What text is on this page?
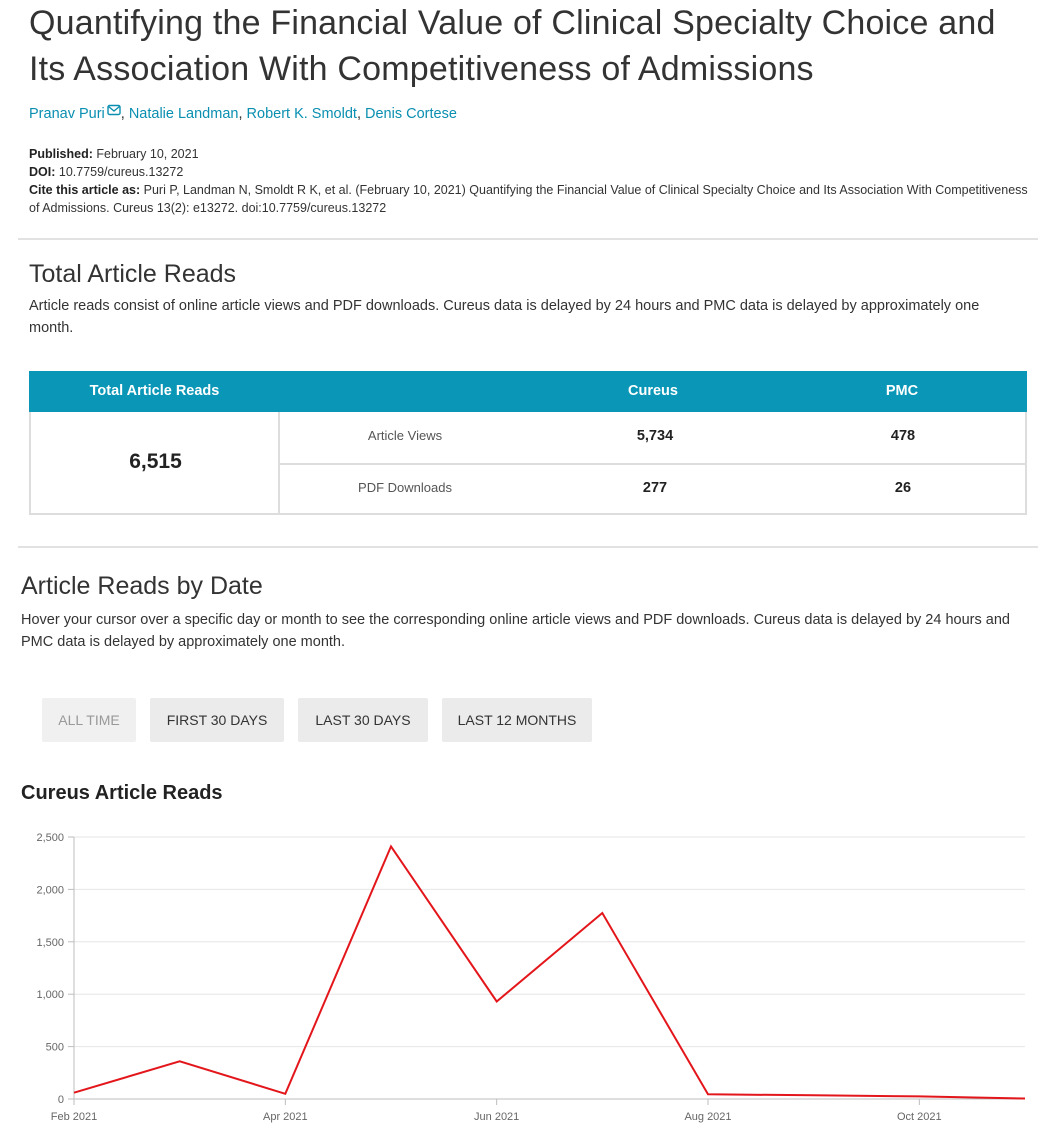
Quantifying the Financial Value of Clinical Specialty Choice and Its Association With Competitiveness of Admissions
Pranav Puri , Natalie Landman, Robert K. Smoldt, Denis Cortese
Published: February 10, 2021
DOI: 10.7759/cureus.13272
Cite this article as: Puri P, Landman N, Smoldt R K, et al. (February 10, 2021) Quantifying the Financial Value of Clinical Specialty Choice and Its Association With Competitiveness of Admissions. Cureus 13(2): e13272. doi:10.7759/cureus.13272
Total Article Reads

Article reads consist of online article views and PDF downloads. Cureus data is delayed by 24 hours and PMC data is delayed by approximately one month.

Total Article Reads	Cureus	PMC
6,515
Article Views	5,734	478
PDF Downloads	277	26
Article Reads by Date

Hover your cursor over a specific day or month to see the corresponding online article views and PDF downloads. Cureus data is delayed by 24 hours and PMC data is delayed by approximately one month.

ALL TIME	FIRST 30 DAYS	LAST 30 DAYS	LAST 12 MONTHS
Cureus Article Reads
0
500
1,000
1,500
2,000
2,500
Feb 2021	Apr 2021	Jun 2021	Aug 2021	Oct 2021
